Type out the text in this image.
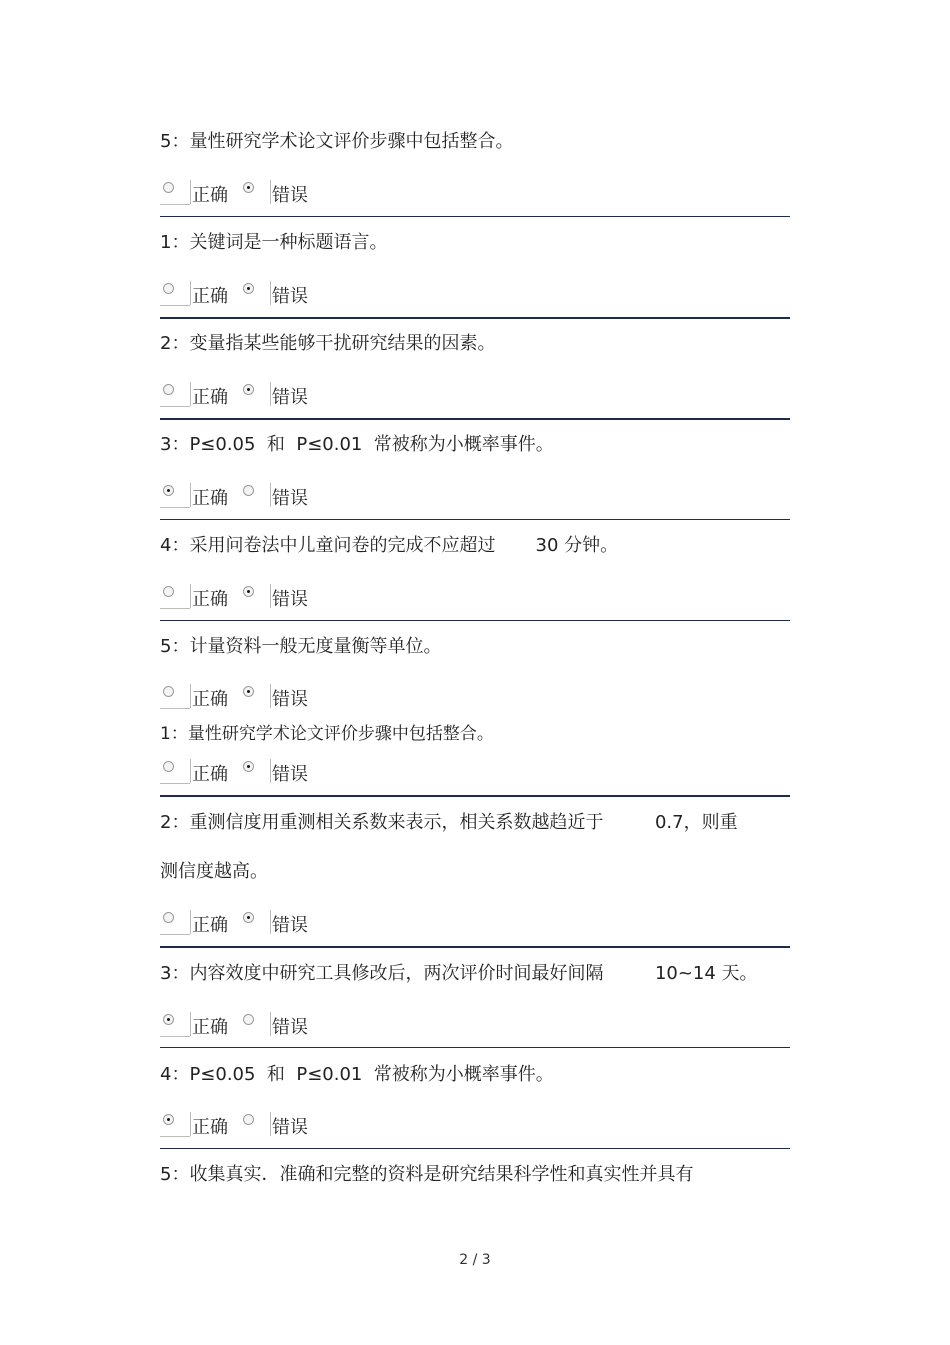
5：量性研究学术论文评价步骤中包括整合。

正确 错误

1：关键词是一种标题语言。

正确 错误

2：变量指某些能够干扰研究结果的因素。

正确 错误

3：P≤0.05  和  P≤0.01  常被称为小概率事件。

正确 错误

4：采用问卷法中儿童问卷的完成不应超过       30 分钟。

正确 错误

5：计量资料一般无度量衡等单位。

正确 错误

1：量性研究学术论文评价步骤中包括整合。

正确 错误

2：重测信度用重测相关系数来表示，相关系数越趋近于         0.7，则重

测信度越高。

正确 错误

3：内容效度中研究工具修改后，两次评价时间最好间隔         10~14 天。

正确 错误

4：P≤0.05  和  P≤0.01  常被称为小概率事件。

正确 错误

5：收集真实．准确和完整的资料是研究结果科学性和真实性并具有

2 / 3
